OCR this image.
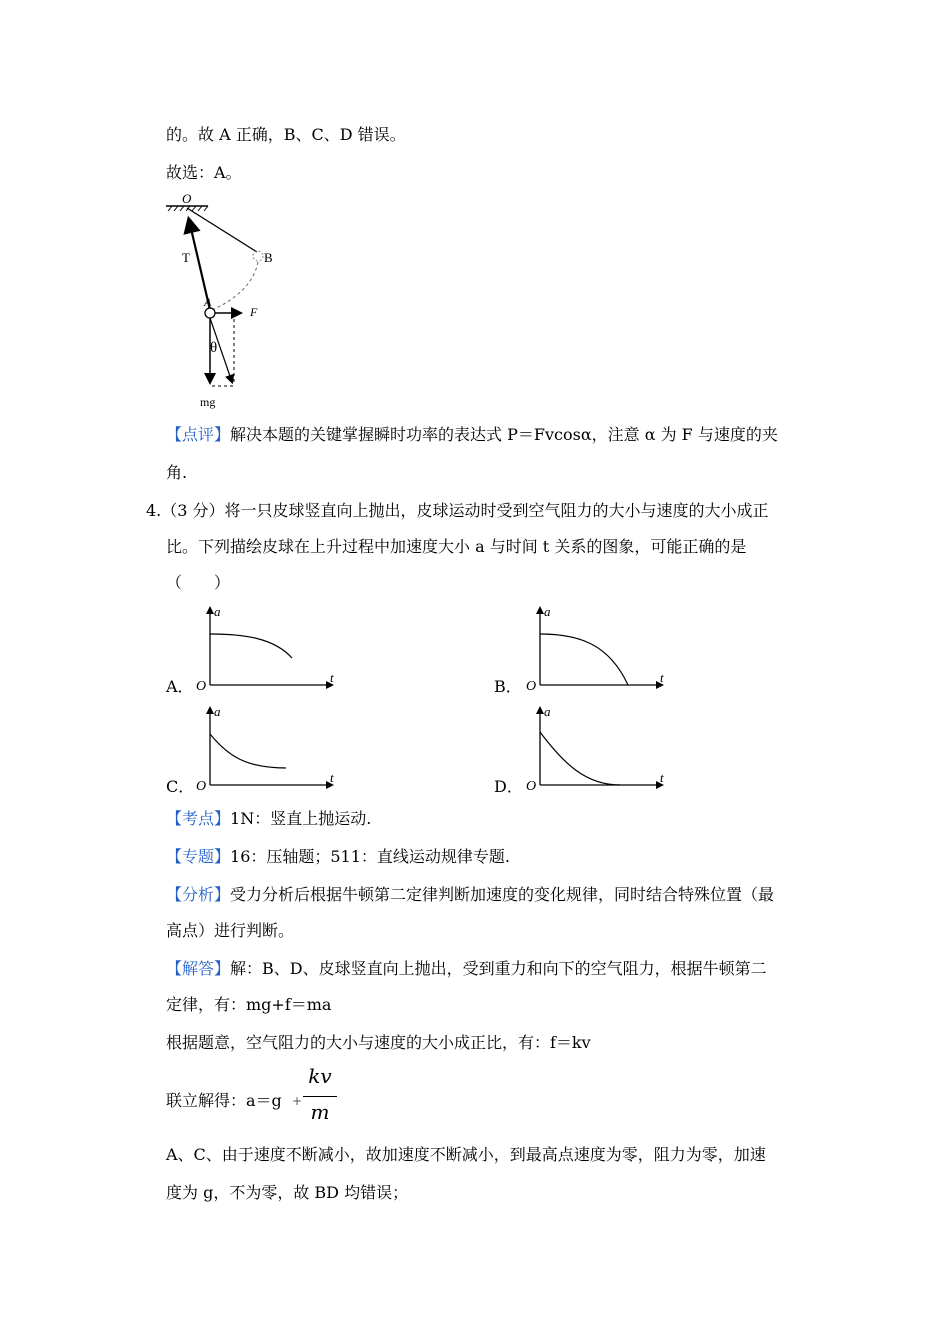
的。故 A 正确，B、C、D 错误。
故选：A。
O
B
T
A
F
θ
mg
【点评】解决本题的关键掌握瞬时功率的表达式 P＝Fvcosα，注意 α 为 F 与速度的夹
角.
4.（3 分）将一只皮球竖直向上抛出，皮球运动时受到空气阻力的大小与速度的大小成正
比。下列描绘皮球在上升过程中加速度大小 a 与时间 t 关系的图象，可能正确的是
（　　）
A．
a
t
O	B．
a
t
O
C．
a
t
O	D．
a
t
O
【考点】1N：竖直上抛运动.
【专题】16：压轴题；511：直线运动规律专题.
【分析】受力分析后根据牛顿第二定律判断加速度的变化规律，同时结合特殊位置（最
高点）进行判断。
【解答】解：B、D、皮球竖直向上抛出，受到重力和向下的空气阻力，根据牛顿第二
定律，有：mg+f＝ma
根据题意，空气阻力的大小与速度的大小成正比，有：f＝kv
联立解得：a＝g +
kv
m
A、C、由于速度不断减小，故加速度不断减小，到最高点速度为零，阻力为零，加速
度为 g，不为零，故 BD 均错误；
